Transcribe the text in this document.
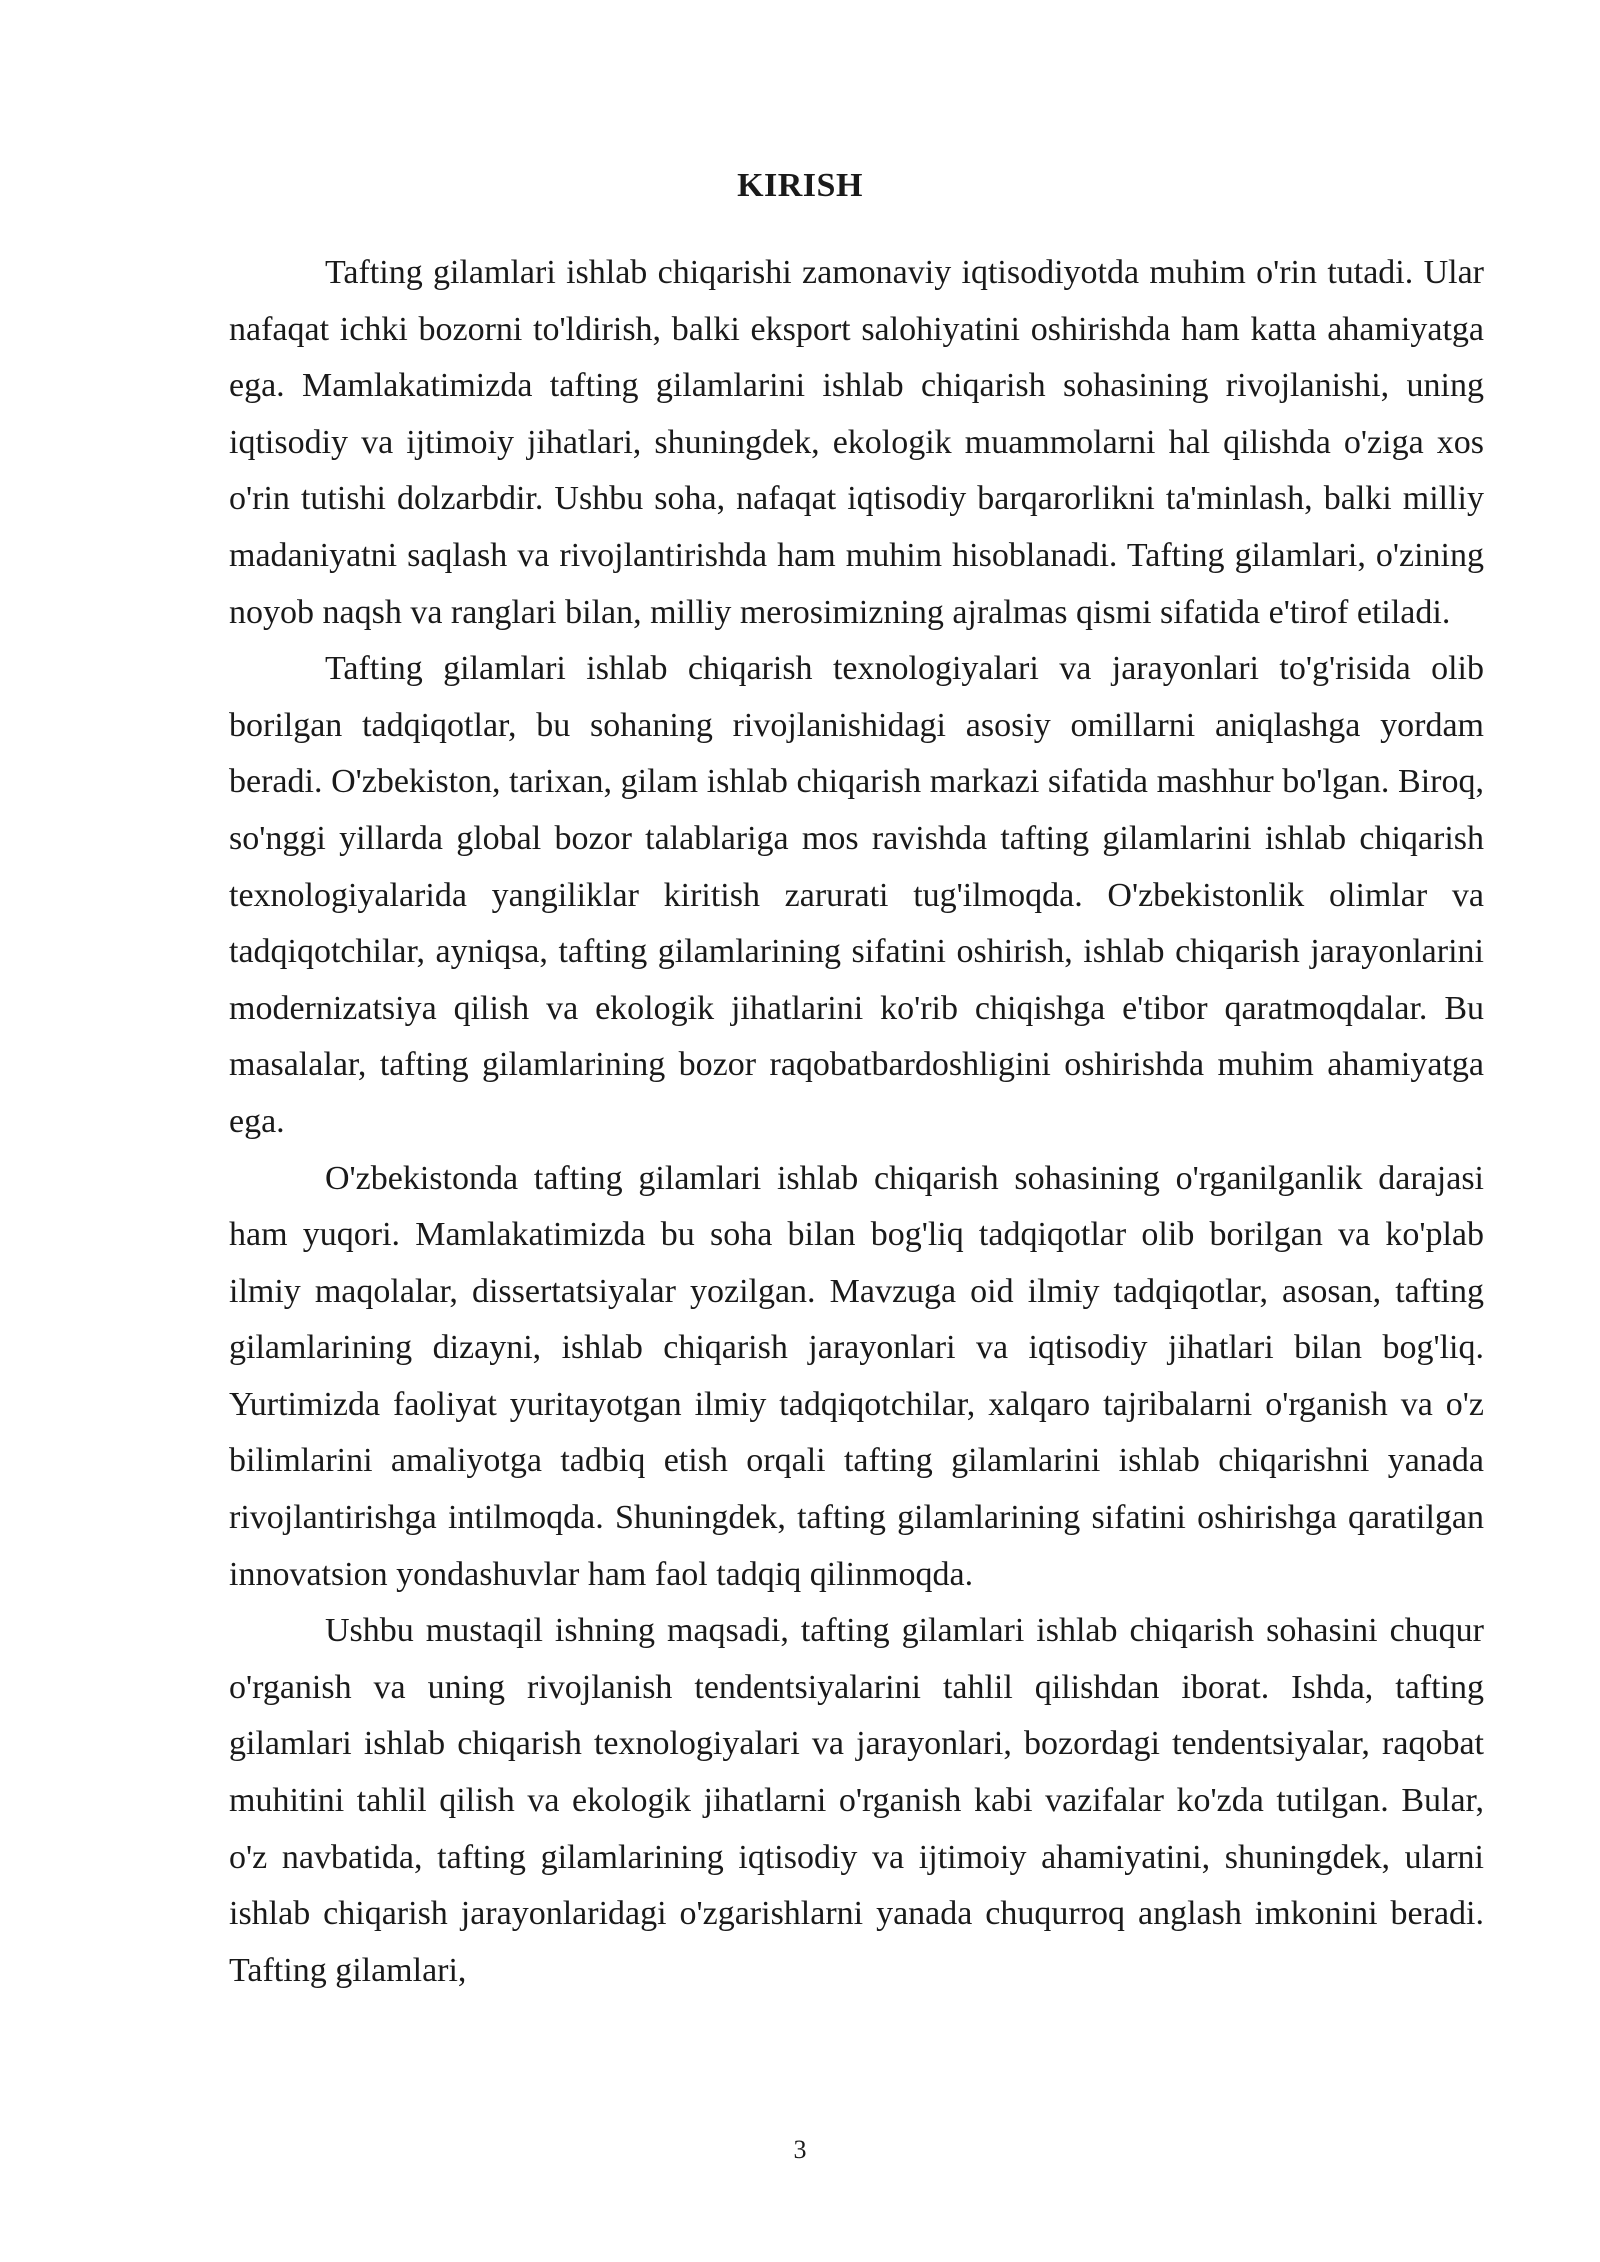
KIRISH

Tafting gilamlari ishlab chiqarishi zamonaviy iqtisodiyotda muhim o'rin tutadi. Ular nafaqat ichki bozorni to'ldirish, balki eksport salohiyatini oshirishda ham katta ahamiyatga ega. Mamlakatimizda tafting gilamlarini ishlab chiqarish sohasining rivojlanishi, uning iqtisodiy va ijtimoiy jihatlari, shuningdek, ekologik muammolarni hal qilishda o'ziga xos o'rin tutishi dolzarbdir. Ushbu soha, nafaqat iqtisodiy barqarorlikni ta'minlash, balki milliy madaniyatni saqlash va rivojlantirishda ham muhim hisoblanadi. Tafting gilamlari, o'zining noyob naqsh va ranglari bilan, milliy merosimizning ajralmas qismi sifatida e'tirof etiladi.

Tafting gilamlari ishlab chiqarish texnologiyalari va jarayonlari to'g'risida olib borilgan tadqiqotlar, bu sohaning rivojlanishidagi asosiy omillarni aniqlashga yordam beradi. O'zbekiston, tarixan, gilam ishlab chiqarish markazi sifatida mashhur bo'lgan. Biroq, so'nggi yillarda global bozor talablariga mos ravishda tafting gilamlarini ishlab chiqarish texnologiyalarida yangiliklar kiritish zarurati tug'ilmoqda. O'zbekistonlik olimlar va tadqiqotchilar, ayniqsa, tafting gilamlarining sifatini oshirish, ishlab chiqarish jarayonlarini modernizatsiya qilish va ekologik jihatlarini ko'rib chiqishga e'tibor qaratmoqdalar. Bu masalalar, tafting gilamlarining bozor raqobatbardoshligini oshirishda muhim ahamiyatga ega.

O'zbekistonda tafting gilamlari ishlab chiqarish sohasining o'rganilganlik darajasi ham yuqori. Mamlakatimizda bu soha bilan bog'liq tadqiqotlar olib borilgan va ko'plab ilmiy maqolalar, dissertatsiyalar yozilgan. Mavzuga oid ilmiy tadqiqotlar, asosan, tafting gilamlarining dizayni, ishlab chiqarish jarayonlari va iqtisodiy jihatlari bilan bog'liq. Yurtimizda faoliyat yuritayotgan ilmiy tadqiqotchilar, xalqaro tajribalarni o'rganish va o'z bilimlarini amaliyotga tadbiq etish orqali tafting gilamlarini ishlab chiqarishni yanada rivojlantirishga intilmoqda. Shuningdek, tafting gilamlarining sifatini oshirishga qaratilgan innovatsion yondashuvlar ham faol tadqiq qilinmoqda.

Ushbu mustaqil ishning maqsadi, tafting gilamlari ishlab chiqarish sohasini chuqur o'rganish va uning rivojlanish tendentsiyalarini tahlil qilishdan iborat. Ishda, tafting gilamlari ishlab chiqarish texnologiyalari va jarayonlari, bozordagi tendentsiyalar, raqobat muhitini tahlil qilish va ekologik jihatlarni o'rganish kabi vazifalar ko'zda tutilgan. Bular, o'z navbatida, tafting gilamlarining iqtisodiy va ijtimoiy ahamiyatini, shuningdek, ularni ishlab chiqarish jarayonlaridagi o'zgarishlarni yanada chuqurroq anglash imkonini beradi. Tafting gilamlari,

3
